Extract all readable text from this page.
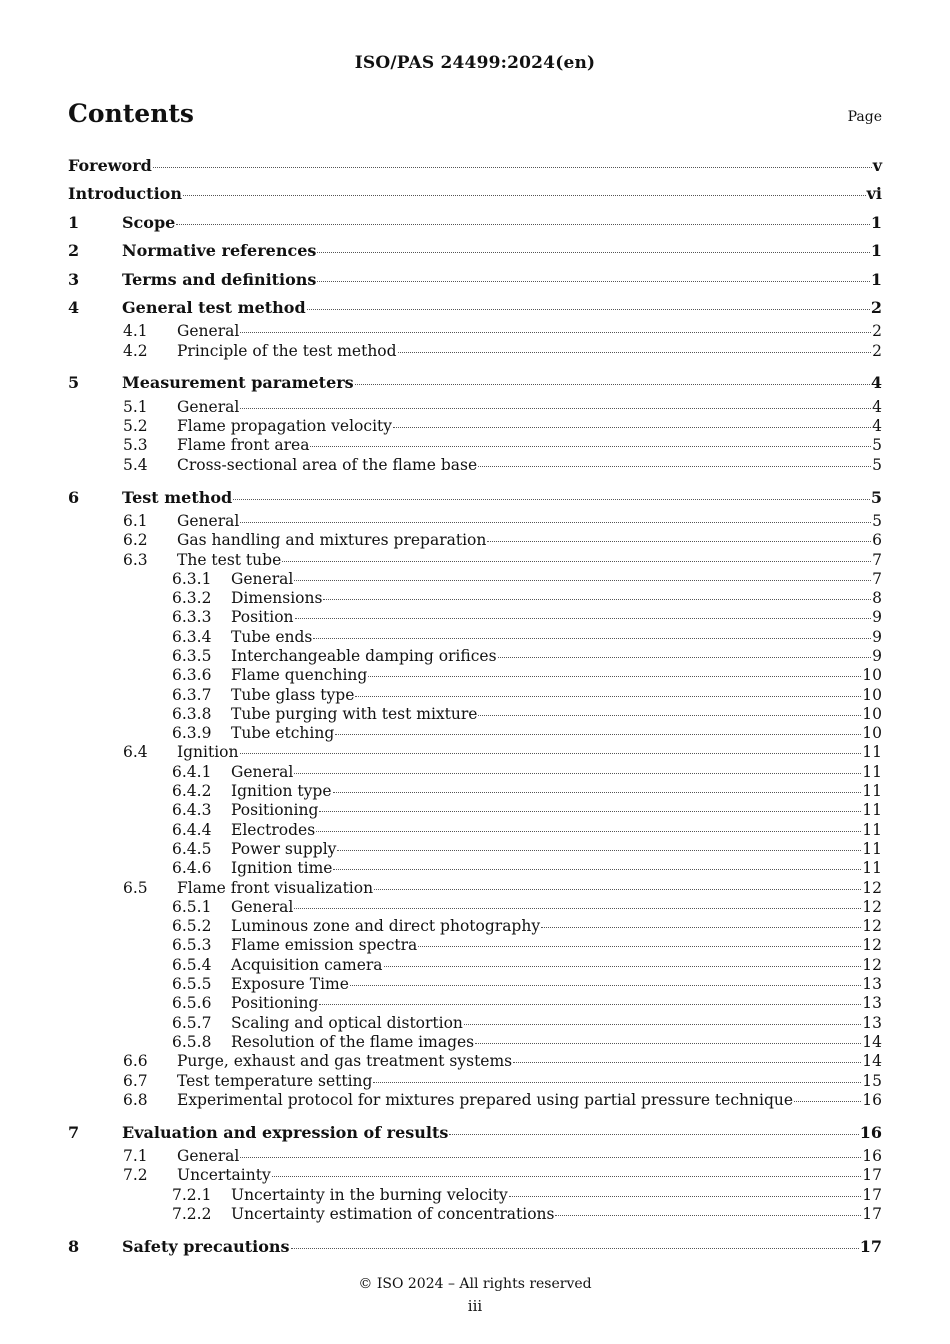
ISO/PAS 24499:2024(en)
Contents	Page
Foreword	v
Introduction	vi
1	Scope	1
2	Normative references	1
3	Terms and definitions	1
4	General test method	2
4.1	General	2
4.2	Principle of the test method	2
5	Measurement parameters	4
5.1	General	4
5.2	Flame propagation velocity	4
5.3	Flame front area	5
5.4	Cross-sectional area of the flame base	5
6	Test method	5
6.1	General	5
6.2	Gas handling and mixtures preparation	6
6.3	The test tube	7
6.3.1	General	7
6.3.2	Dimensions	8
6.3.3	Position	9
6.3.4	Tube ends	9
6.3.5	Interchangeable damping orifices	9
6.3.6	Flame quenching	10
6.3.7	Tube glass type	10
6.3.8	Tube purging with test mixture	10
6.3.9	Tube etching	10
6.4	Ignition	11
6.4.1	General	11
6.4.2	Ignition type	11
6.4.3	Positioning	11
6.4.4	Electrodes	11
6.4.5	Power supply	11
6.4.6	Ignition time	11
6.5	Flame front visualization	12
6.5.1	General	12
6.5.2	Luminous zone and direct photography	12
6.5.3	Flame emission spectra	12
6.5.4	Acquisition camera	12
6.5.5	Exposure Time	13
6.5.6	Positioning	13
6.5.7	Scaling and optical distortion	13
6.5.8	Resolution of the flame images	14
6.6	Purge, exhaust and gas treatment systems	14
6.7	Test temperature setting	15
6.8	Experimental protocol for mixtures prepared using partial pressure technique	16
7	Evaluation and expression of results	16
7.1	General	16
7.2	Uncertainty	17
7.2.1	Uncertainty in the burning velocity	17
7.2.2	Uncertainty estimation of concentrations	17
8	Safety precautions	17
© ISO 2024 – All rights reserved
iii
